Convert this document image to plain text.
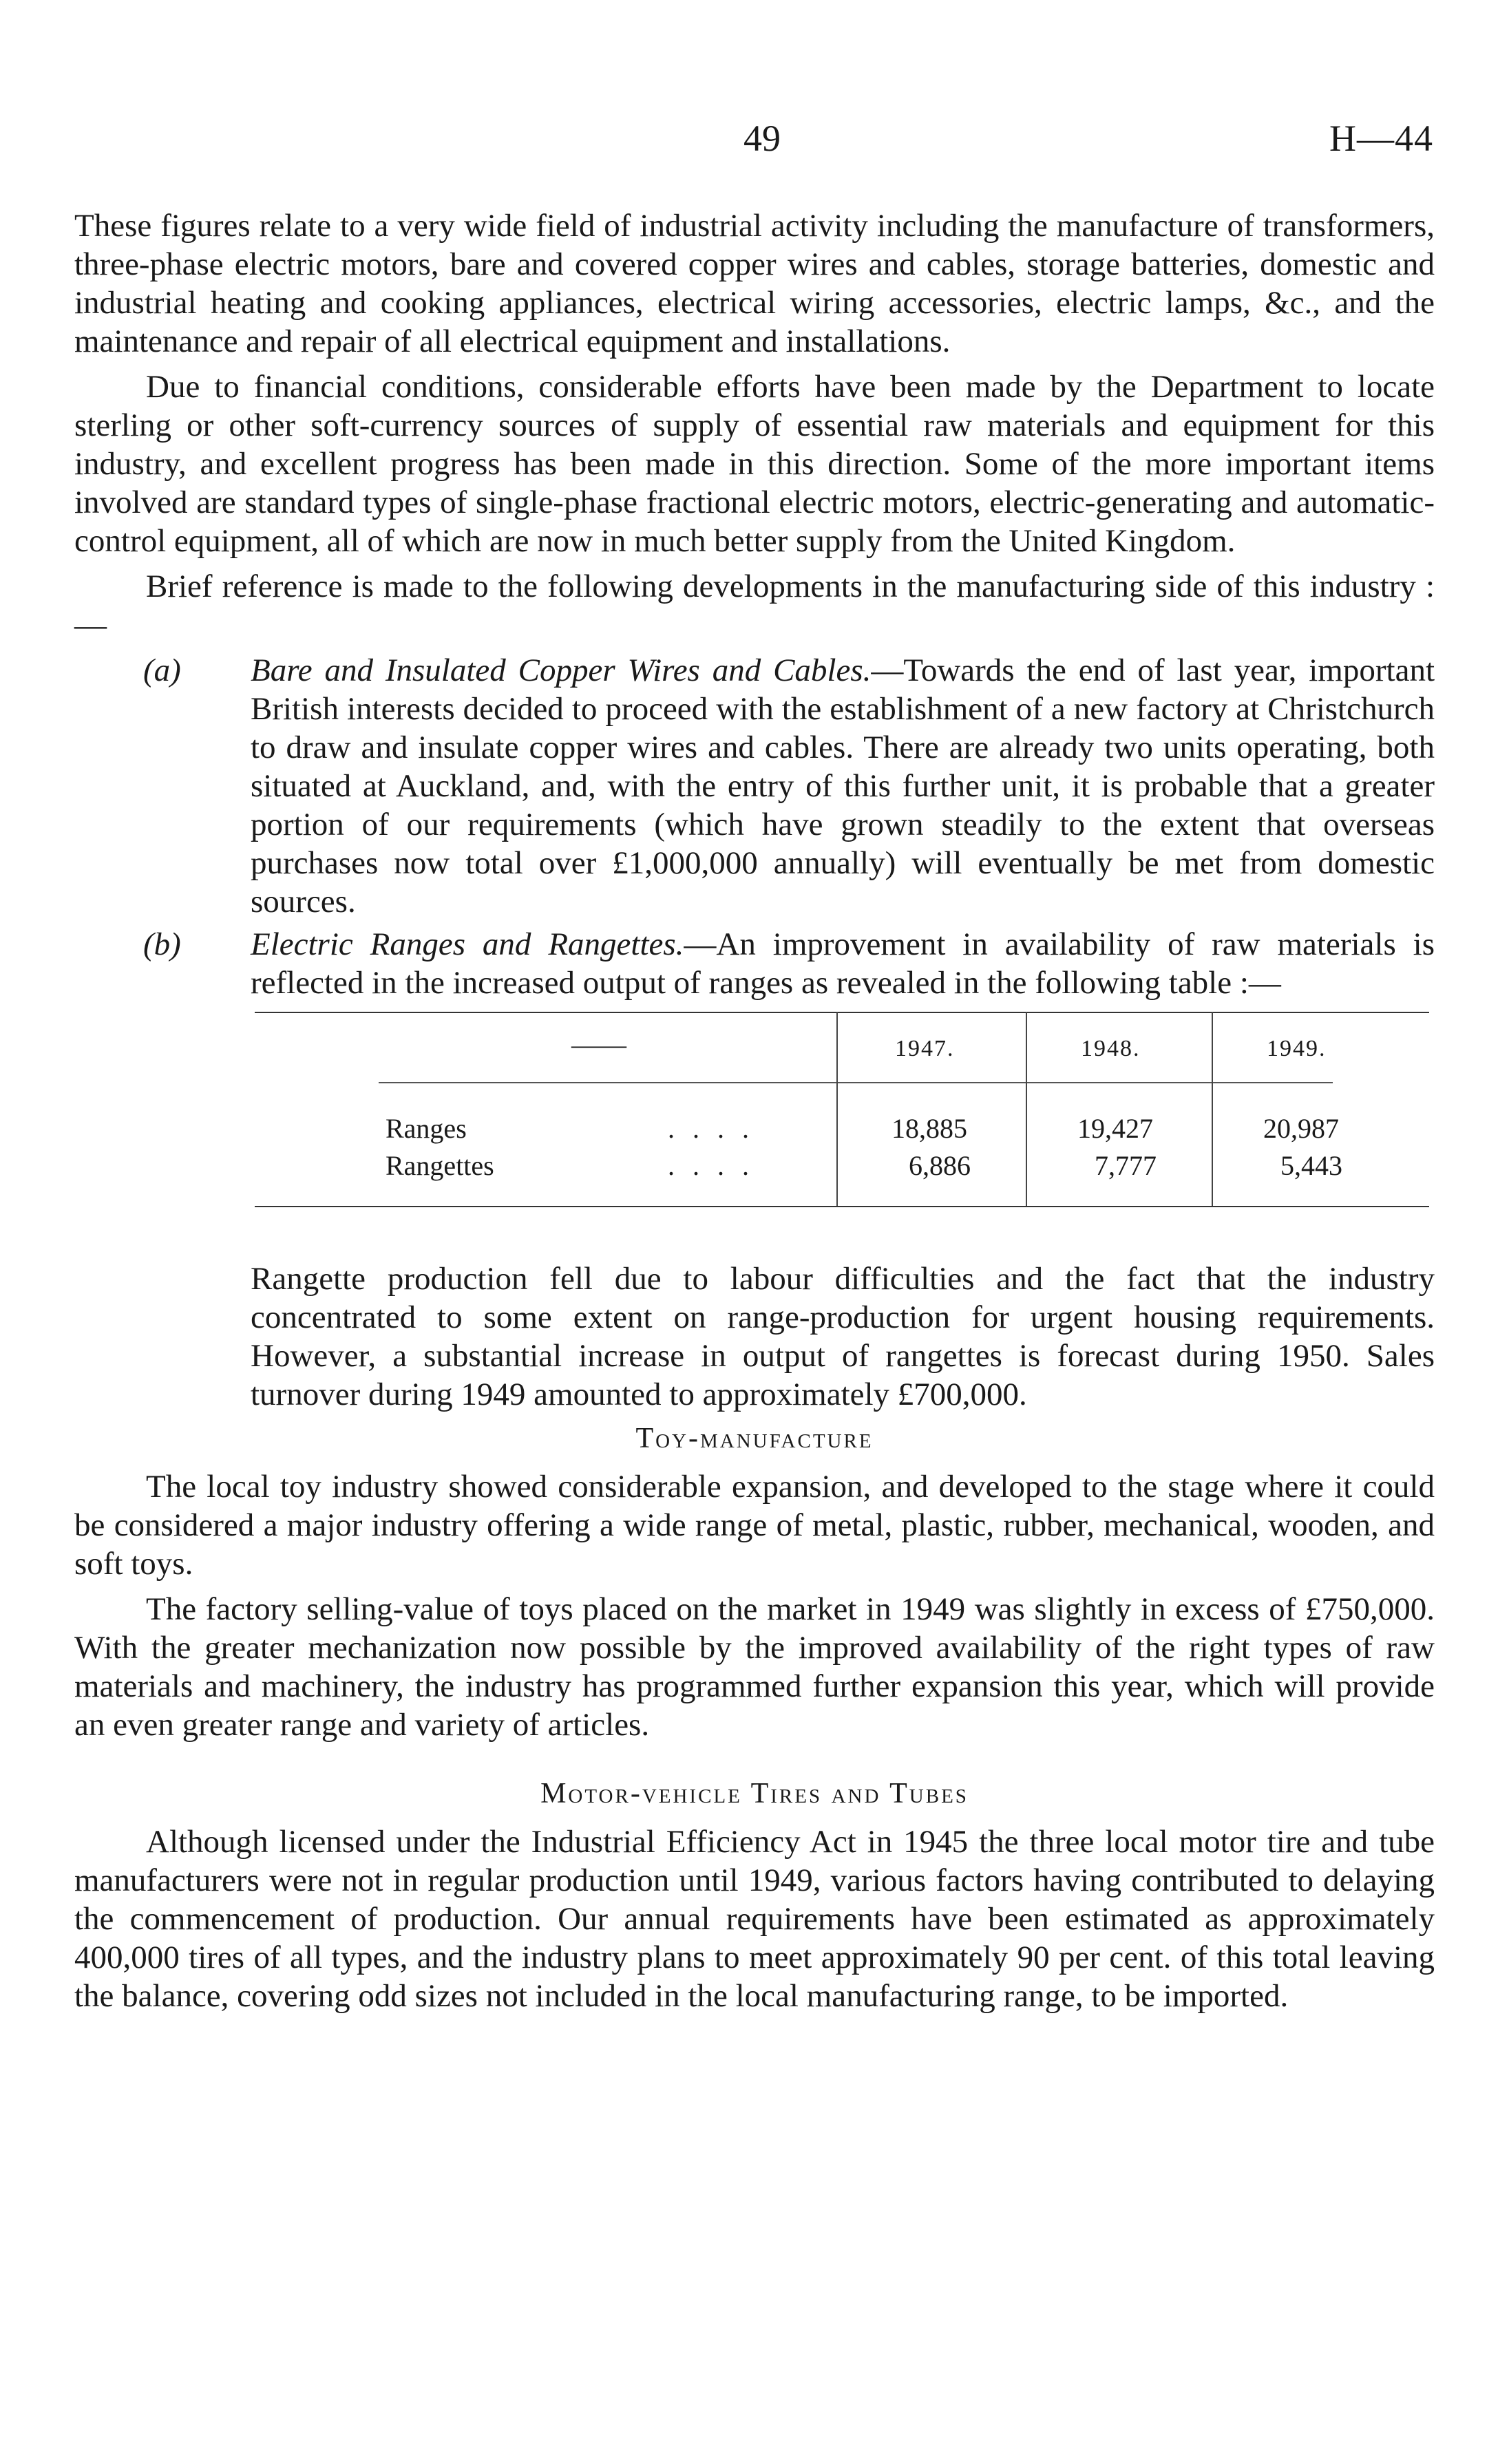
49	H—44

These figures relate to a very wide field of industrial activity including the manufacture of transformers, three-phase electric motors, bare and covered copper wires and cables, storage batteries, domestic and industrial heating and cooking appliances, electrical wiring accessories, electric lamps, &c., and the maintenance and repair of all electrical equipment and installations.

Due to financial conditions, considerable efforts have been made by the Department to locate sterling or other soft-currency sources of supply of essential raw materials and equipment for this industry, and excellent progress has been made in this direction. Some of the more important items involved are standard types of single-phase fractional electric motors, electric-generating and automatic-control equipment, all of which are now in much better supply from the United Kingdom.

Brief reference is made to the following developments in the manufacturing side of this industry :—

(a) Bare and Insulated Copper Wires and Cables.—Towards the end of last year, important British interests decided to proceed with the establishment of a new factory at Christchurch to draw and insulate copper wires and cables. There are already two units operating, both situated at Auckland, and, with the entry of this further unit, it is probable that a greater portion of our requirements (which have grown steadily to the extent that overseas purchases now total over £1,000,000 annually) will eventually be met from domestic sources.
(b) Electric Ranges and Rangettes.—An improvement in availability of raw materials is reflected in the increased output of ranges as revealed in the following table :—
——	1947.	1948.	1949.
Ranges	. . . .	18,885	19,427	20,987
Rangettes	. . . .	6,886	7,777	5,443

Rangette production fell due to labour difficulties and the fact that the industry concentrated to some extent on range-production for urgent housing requirements. However, a substantial increase in output of rangettes is forecast during 1950. Sales turnover during 1949 amounted to approximately £700,000.

Toy-manufacture

The local toy industry showed considerable expansion, and developed to the stage where it could be considered a major industry offering a wide range of metal, plastic, rubber, mechanical, wooden, and soft toys.

The factory selling-value of toys placed on the market in 1949 was slightly in excess of £750,000. With the greater mechanization now possible by the improved availability of the right types of raw materials and machinery, the industry has programmed further expansion this year, which will provide an even greater range and variety of articles.

Motor-vehicle Tires and Tubes

Although licensed under the Industrial Efficiency Act in 1945 the three local motor tire and tube manufacturers were not in regular production until 1949, various factors having contributed to delaying the commencement of production. Our annual requirements have been estimated as approximately 400,000 tires of all types, and the industry plans to meet approximately 90 per cent. of this total leaving the balance, covering odd sizes not included in the local manufacturing range, to be imported.
